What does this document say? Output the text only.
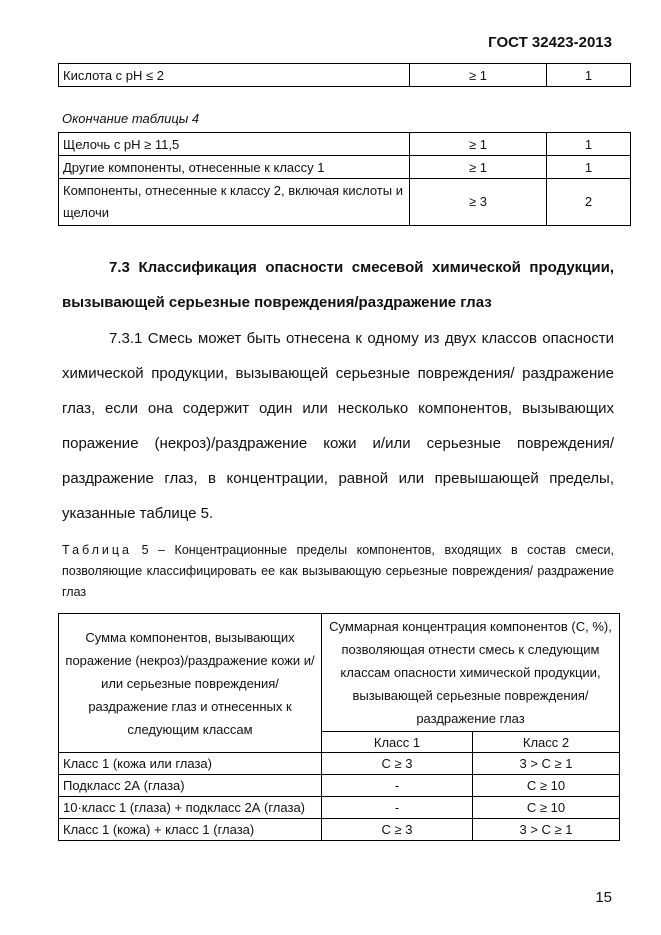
ГОСТ 32423-2013
Кислота с pH ≤ 2	≥ 1	1
Окончание таблицы 4
Щелочь с pH ≥ 11,5	≥ 1	1
Другие компоненты, отнесенные к классу 1	≥ 1	1
Компоненты, отнесенные к классу 2, включая кислоты и щелочи	≥ 3	2
7.3 Классификация опасности смесевой химической продукции, вызывающей серьезные повреждения/раздражение глаз
7.3.1 Смесь может быть отнесена к одному из двух классов опасности химической продукции, вызывающей серьезные повреждения/ раздражение глаз, если она содержит один или несколько компонентов, вызывающих поражение (некроз)/раздражение кожи и/или серьезные повреждения/раздражение глаз, в концентрации, равной или превышающей пределы, указанные таблице 5.
Таблица 5 – Концентрационные пределы компонентов, входящих в состав смеси, позволяющие классифицировать ее как вызывающую серьезные повреждения/ раздражение глаз
Сумма компонентов, вызывающих поражение (некроз)/раздражение кожи и/или серьезные повреждения/ раздражение глаз и отнесенных к следующим классам	Суммарная концентрация компонентов (C, %), позволяющая отнести смесь к следующим классам опасности химической продукции, вызывающей серьезные повреждения/ раздражение глаз	
	Класс 1	Класс 2
Класс 1 (кожа или глаза)	C ≥ 3	3 > C ≥ 1
Подкласс 2А (глаза)	-	C ≥ 10
10·класс 1 (глаза) + подкласс 2А (глаза)	-	C ≥ 10
Класс 1 (кожа) + класс 1 (глаза)	C ≥ 3	3 > C ≥ 1
15
